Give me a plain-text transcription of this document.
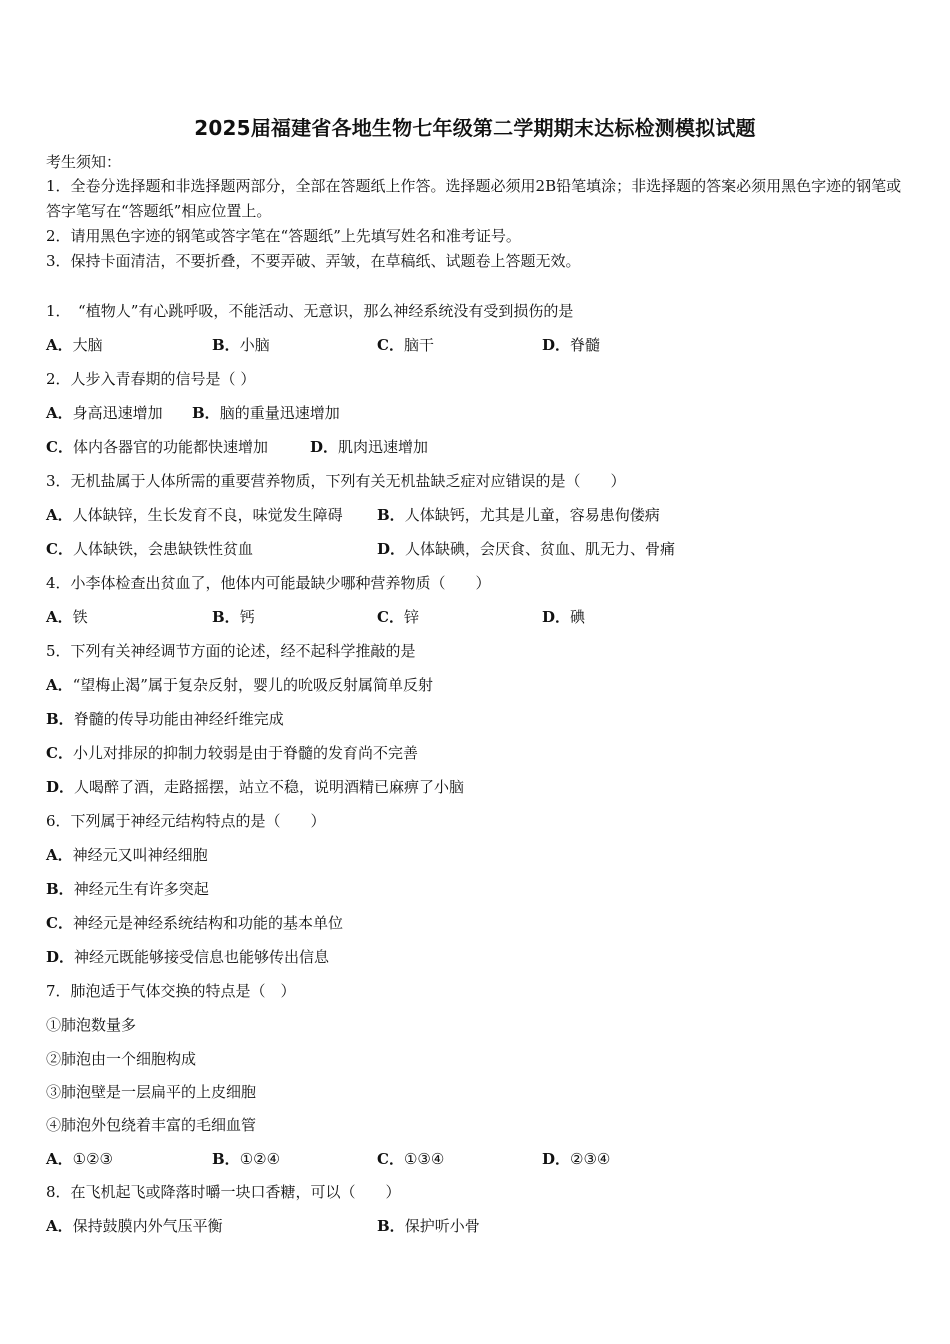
2025届福建省各地生物七年级第二学期期末达标检测模拟试题
考生须知：
1．全卷分选择题和非选择题两部分，全部在答题纸上作答。选择题必须用2B铅笔填涂；非选择题的答案必须用黑色字迹的钢笔或答字笔写在“答题纸”相应位置上。
2．请用黑色字迹的钢笔或答字笔在“答题纸”上先填写姓名和准考证号。
3．保持卡面清洁，不要折叠，不要弄破、弄皱，在草稿纸、试题卷上答题无效。
1．　“植物人”有心跳呼吸，不能活动、无意识，那么神经系统没有受到损伤的是
A．大脑	B．小脑	C．脑干	D．脊髓
2．人步入青春期的信号是（ ）
A．身高迅速增加 B．脑的重量迅速增加
C．体内各器官的功能都快速增加	D．肌肉迅速增加
3．无机盐属于人体所需的重要营养物质，下列有关无机盐缺乏症对应错误的是（　　）
A．人体缺锌，生长发育不良，味觉发生障碍 B．人体缺钙，尤其是儿童，容易患佝偻病
C．人体缺铁，会患缺铁性贫血	D．人体缺碘，会厌食、贫血、肌无力、骨痛
4．小李体检查出贫血了，他体内可能最缺少哪种营养物质（　　）
A．铁	B．钙	C．锌	D．碘
5．下列有关神经调节方面的论述，经不起科学推敲的是
A．“望梅止渴”属于复杂反射，婴儿的吮吸反射属简单反射
B．脊髓的传导功能由神经纤维完成
C．小儿对排尿的抑制力较弱是由于脊髓的发育尚不完善
D．人喝醉了酒，走路摇摆，站立不稳，说明酒精已麻痹了小脑
6．下列属于神经元结构特点的是（　　）
A．神经元又叫神经细胞
B．神经元生有许多突起
C．神经元是神经系统结构和功能的基本单位
D．神经元既能够接受信息也能够传出信息
7．肺泡适于气体交换的特点是（　）
①肺泡数量多
②肺泡由一个细胞构成
③肺泡壁是一层扁平的上皮细胞
④肺泡外包绕着丰富的毛细血管
A．①②③	B．①②④	C．①③④	D．②③④
8．在飞机起飞或降落时嚼一块口香糖，可以（　　）
A．保持鼓膜内外气压平衡	B．保护听小骨
